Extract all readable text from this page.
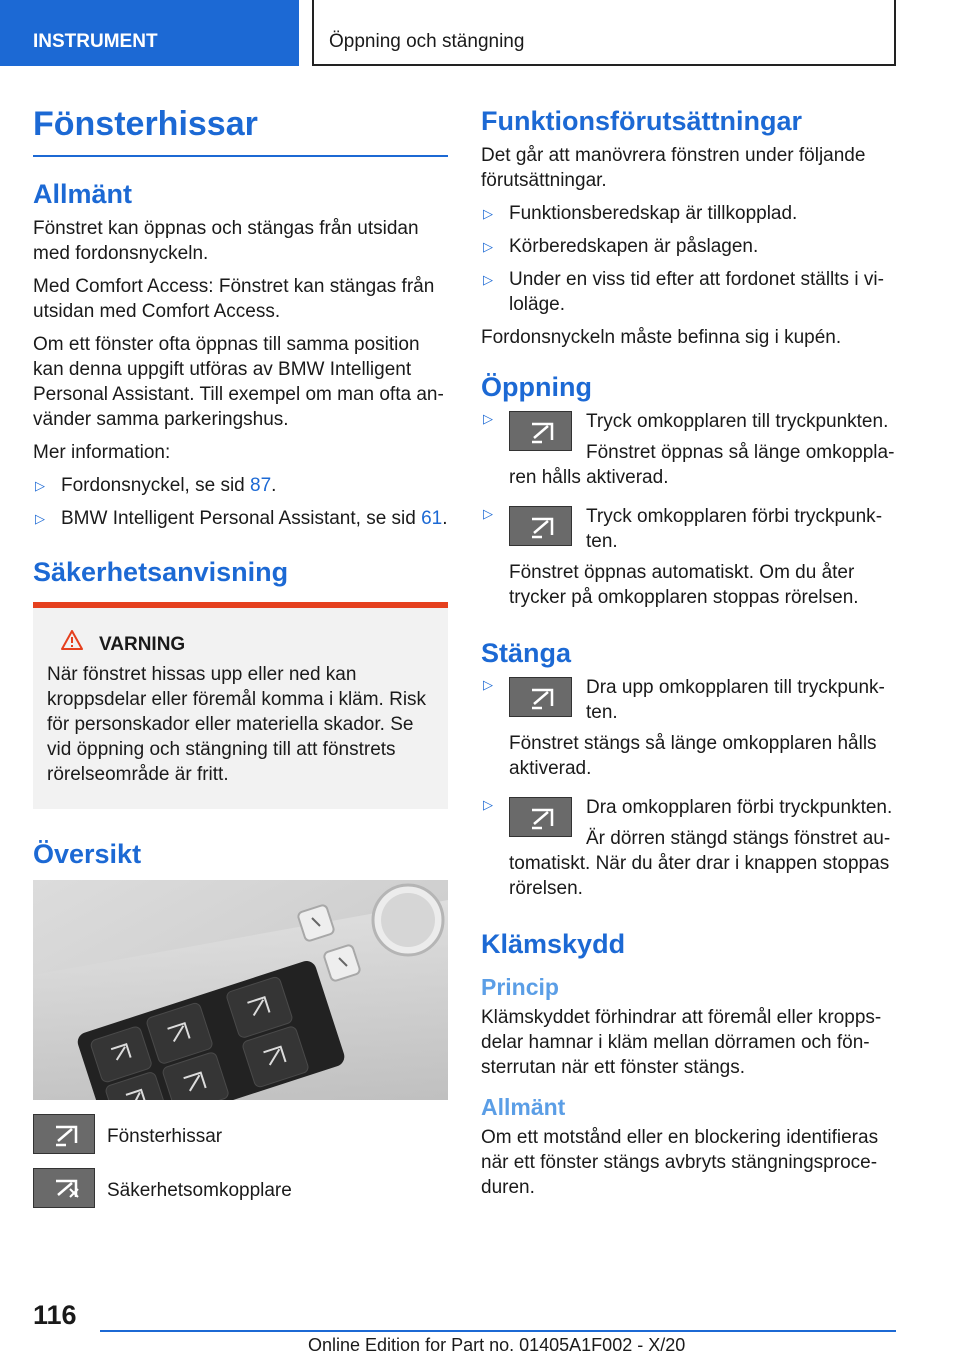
INSTRUMENT	Öppning och stängning
Fönsterhissar
Allmänt

Fönstret kan öppnas och stängas från utsidan med fordonsnyckeln.

Med Comfort Access: Fönstret kan stängas från utsidan med Comfort Access.

Om ett fönster ofta öppnas till samma position kan denna uppgift utföras av BMW Intelligent Personal Assistant. Till exempel om man ofta använder samma parkeringshus.

Mer information:

▷ Fordonsnyckel, se sid 87.
▷ BMW Intelligent Personal Assistant, se sid 61.
Säkerhetsanvisning
VARNING

När fönstret hissas upp eller ned kan kroppsdelar eller föremål komma i kläm. Risk för personskador eller materiella skador. Se vid öppning och stängning till att fönstrets rörelseområde är fritt.

Översikt
Fönsterhissar
Säkerhetsomkopplare
Funktionsförutsättningar

Det går att manövrera fönstren under följande förutsättningar.

▷ Funktionsberedskap är tillkopplad.
▷ Körberedskapen är påslagen.
▷ Under en viss tid efter att fordonet ställts i viloläge.

Fordonsnyckeln måste befinna sig i kupén.

Öppning
▷	Tryck omkopplaren till tryckpunkten.

Fönstret öppnas så länge omkopplaren hålls aktiverad.

▷	Tryck omkopplaren förbi tryckpunkten.

Fönstret öppnas automatiskt. Om du åter trycker på omkopplaren stoppas rörelsen.

Stänga
▷	Dra upp omkopplaren till tryckpunkten.

Fönstret stängs så länge omkopplaren hålls aktiverad.

▷	Dra omkopplaren förbi tryckpunkten.

Är dörren stängd stängs fönstret automatiskt. När du åter drar i knappen stoppas rörelsen.

Klämskydd
Princip

Klämskyddet förhindrar att föremål eller kroppsdelar hamnar i kläm mellan dörramen och fönsterrutan när ett fönster stängs.

Allmänt

Om ett motstånd eller en blockering identifieras när ett fönster stängs avbryts stängningsproceduren.

116
Online Edition for Part no. 01405A1F002 - X/20
